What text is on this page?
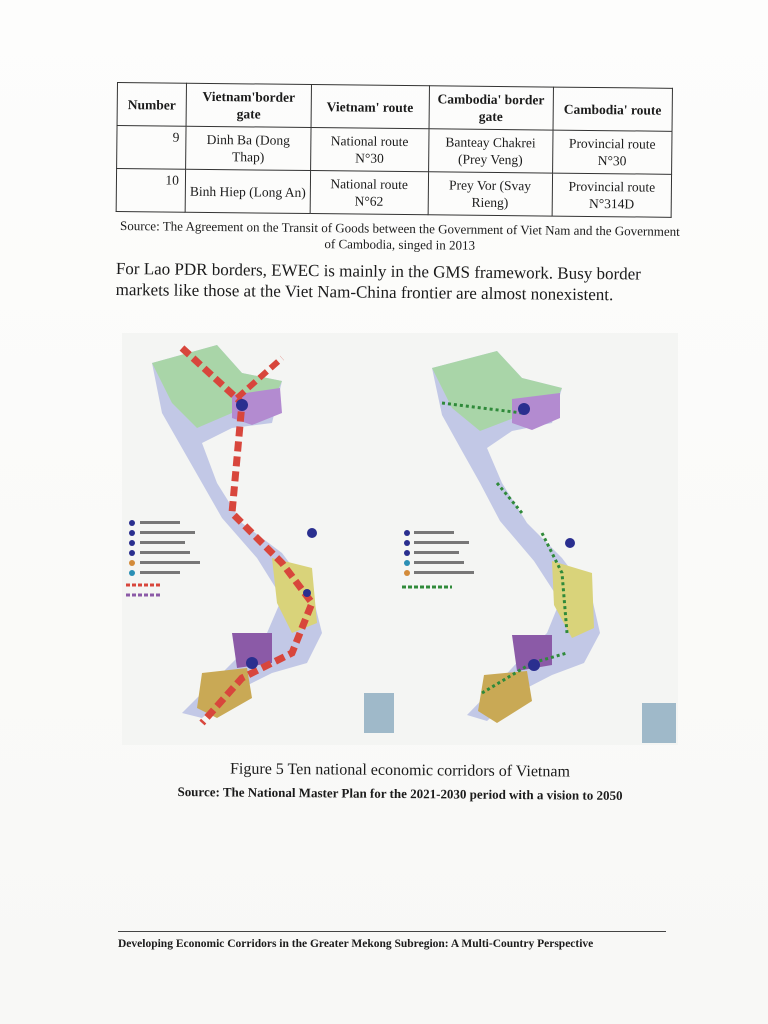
Number	Vietnam'border gate	Vietnam' route	Cambodia' border gate	Cambodia' route
9	Dinh Ba (Dong Thap)	National route N°30	Banteay Chakrei (Prey Veng)	Provincial route N°30
10	Binh Hiep (Long An)	National route N°62	Prey Vor (Svay Rieng)	Provincial route N°314D
Source: The Agreement on the Transit of Goods between the Government of Viet Nam and the Government of Cambodia, singed in 2013
For Lao PDR borders, EWEC is mainly in the GMS framework. Busy border markets like those at the Viet Nam-China frontier are almost nonexistent.
Figure 5 Ten national economic corridors of Vietnam
Source: The National Master Plan for the 2021-2030 period with a vision to 2050
Developing Economic Corridors in the Greater Mekong Subregion: A Multi-Country Perspective
